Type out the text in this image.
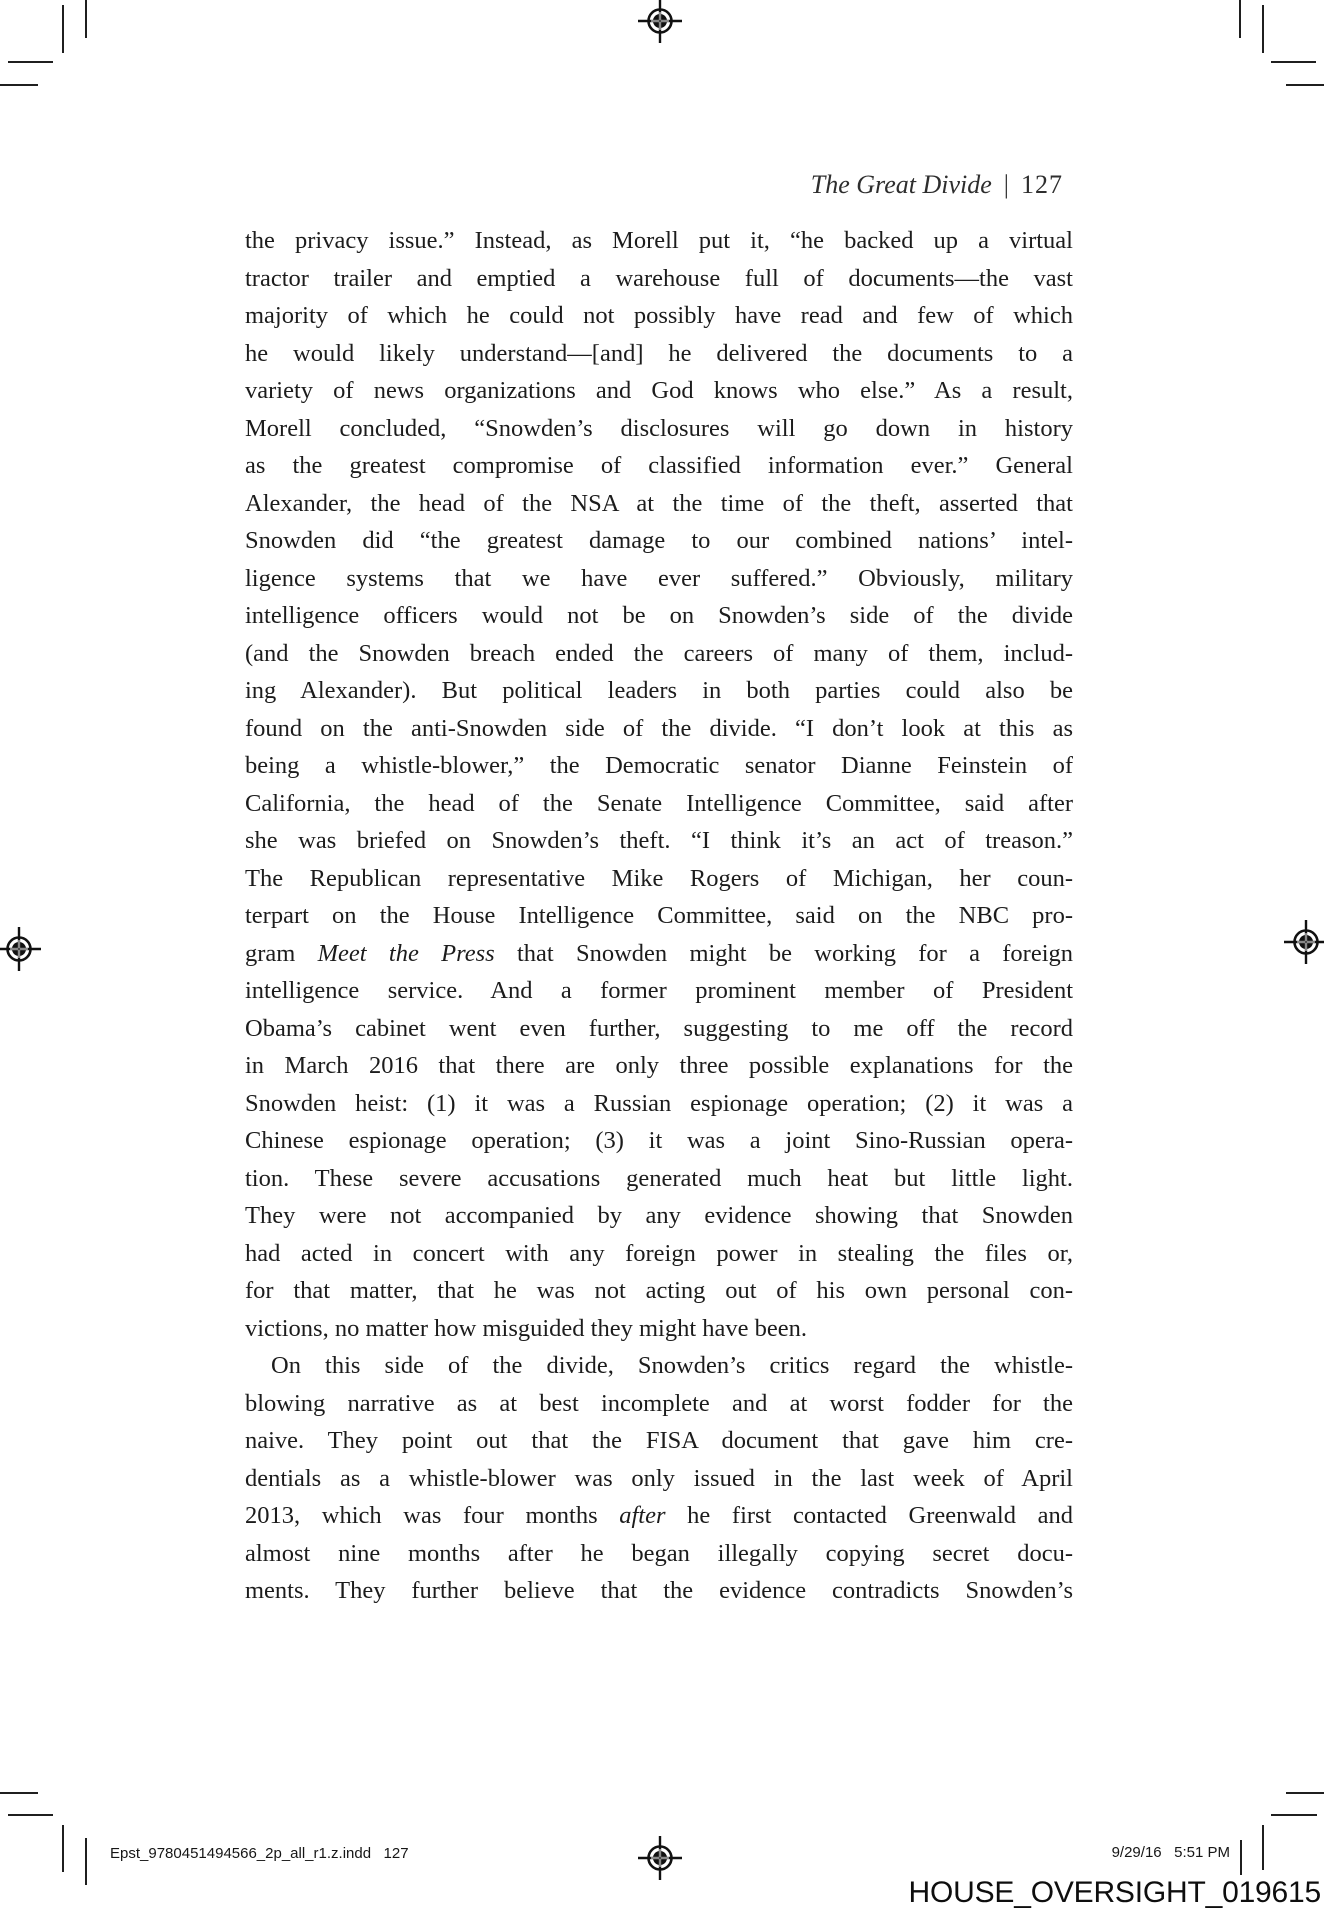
The Great Divide | 127
the privacy issue.” Instead, as Morell put it, “he backed up a virtual
tractor trailer and emptied a warehouse full of documents—the vast
majority of which he could not possibly have read and few of which
he would likely understand—[and] he delivered the documents to a
variety of news organizations and God knows who else.” As a result,
Morell concluded, “Snowden’s disclosures will go down in history
as the greatest compromise of classified information ever.” General
Alexander, the head of the NSA at the time of the theft, asserted that
Snowden did “the greatest damage to our combined nations’ intel-
ligence systems that we have ever suffered.” Obviously, military
intelligence officers would not be on Snowden’s side of the divide
(and the Snowden breach ended the careers of many of them, includ-
ing Alexander). But political leaders in both parties could also be
found on the anti-Snowden side of the divide. “I don’t look at this as
being a whistle-blower,” the Democratic senator Dianne Feinstein of
California, the head of the Senate Intelligence Committee, said after
she was briefed on Snowden’s theft. “I think it’s an act of treason.”
The Republican representative Mike Rogers of Michigan, her coun-
terpart on the House Intelligence Committee, said on the NBC pro-
gram Meet the Press that Snowden might be working for a foreign
intelligence service. And a former prominent member of President
Obama’s cabinet went even further, suggesting to me off the record
in March 2016 that there are only three possible explanations for the
Snowden heist: (1) it was a Russian espionage operation; (2) it was a
Chinese espionage operation; (3) it was a joint Sino-Russian opera-
tion. These severe accusations generated much heat but little light.
They were not accompanied by any evidence showing that Snowden
had acted in concert with any foreign power in stealing the files or,
for that matter, that he was not acting out of his own personal con-
victions, no matter how misguided they might have been.
On this side of the divide, Snowden’s critics regard the whistle-
blowing narrative as at best incomplete and at worst fodder for the
naive. They point out that the FISA document that gave him cre-
dentials as a whistle-blower was only issued in the last week of April
2013, which was four months after he first contacted Greenwald and
almost nine months after he began illegally copying secret docu-
ments. They further believe that the evidence contradicts Snowden’s
Epst_9780451494566_2p_all_r1.z.indd   127	9/29/16   5:51 PM
HOUSE_OVERSIGHT_019615
